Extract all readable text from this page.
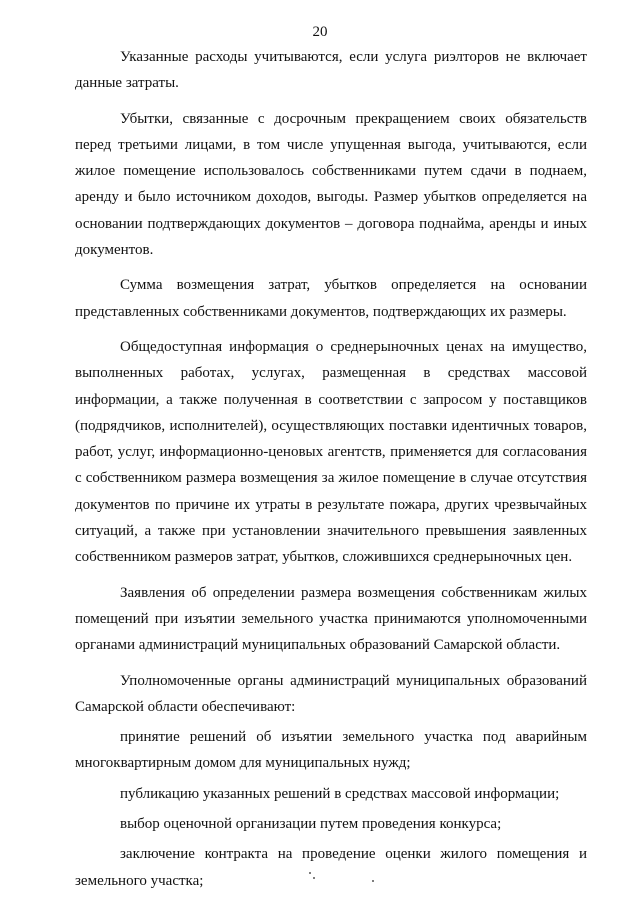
20

Указанные расходы учитываются, если услуга риэлторов не включает данные затраты.

Убытки, связанные с досрочным прекращением своих обязательств перед третьими лицами, в том числе упущенная выгода, учитываются, если жилое помещение использовалось собственниками путем сдачи в поднаем, аренду и было источником доходов, выгоды. Размер убытков определяется на основании подтверждающих документов – договора поднайма, аренды и иных документов.

Сумма возмещения затрат, убытков определяется на основании представленных собственниками документов, подтверждающих их размеры.

Общедоступная информация о среднерыночных ценах на имущество, выполненных работах, услугах, размещенная в средствах массовой информации, а также полученная в соответствии с запросом у поставщиков (подрядчиков, исполнителей), осуществляющих поставки идентичных товаров, работ, услуг, информационно-ценовых агентств, применяется для согласования с собственником размера возмещения за жилое помещение в случае отсутствия документов по причине их утраты в результате пожара, других чрезвычайных ситуаций, а также при установлении значительного превышения заявленных собственником размеров затрат, убытков, сложившихся среднерыночных цен.

Заявления об определении размера возмещения собственникам жилых помещений при изъятии земельного участка принимаются уполномоченными органами администраций муниципальных образований Самарской области.

Уполномоченные органы администраций муниципальных образований Самарской области обеспечивают:

принятие решений об изъятии земельного участка под аварийным многоквартирным домом для муниципальных нужд;

публикацию указанных решений в средствах массовой информации;

выбор оценочной организации путем проведения конкурса;

заключение контракта на проведение оценки жилого помещения и земельного участка;
